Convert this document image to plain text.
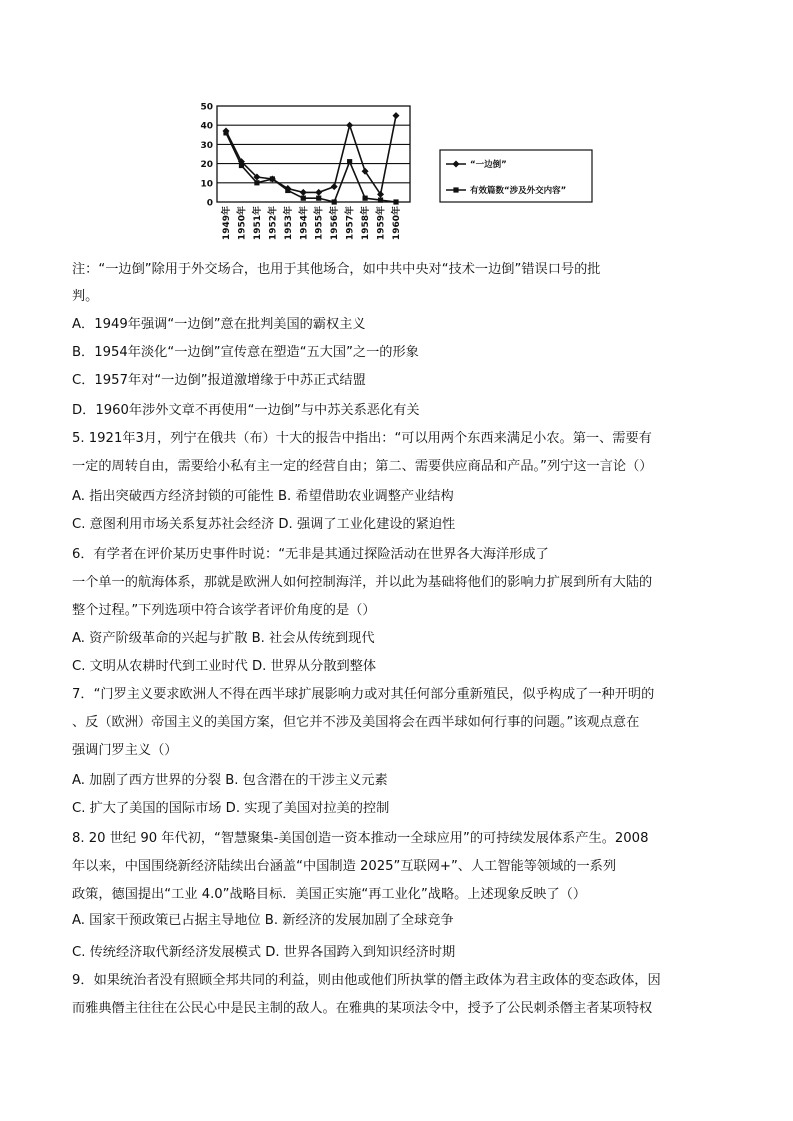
0
10
20
30
40
50
1949年 1950年 1951年 1952年 1953年 1954年 1955年 1956年 1957年 1958年 1959年 1960年
“一边倒”
有效篇数“涉及外交内容”
注：“一边倒”除用于外交场合，也用于其他场合，如中共中央对“技术一边倒”错误口号的批
判。
A．1949年强调“一边倒”意在批判美国的霸权主义
B．1954年淡化“一边倒”宣传意在塑造“五大国”之一的形象
C．1957年对“一边倒”报道激增缘于中苏正式结盟
D．1960年涉外文章不再使用“一边倒”与中苏关系恶化有关
5. 1921年3月，列宁在俄共（布）十大的报告中指出：“可以用两个东西来满足小农。第一、需要有
一定的周转自由，需要给小私有主一定的经营自由；第二、需要供应商品和产品。”列宁这一言论（）
A. 指出突破西方经济封锁的可能性 B. 希望借助农业调整产业结构
C. 意图利用市场关系复苏社会经济 D. 强调了工业化建设的紧迫性
6．有学者在评价某历史事件时说：“无非是其通过探险活动在世界各大海洋形成了
一个单一的航海体系，那就是欧洲人如何控制海洋，并以此为基础将他们的影响力扩展到所有大陆的
整个过程。”下列选项中符合该学者评价角度的是（）
A. 资产阶级革命的兴起与扩散 B. 社会从传统到现代
C. 文明从农耕时代到工业时代 D. 世界从分散到整体
7．“门罗主义要求欧洲人不得在西半球扩展影响力或对其任何部分重新殖民，似乎构成了一种开明的
、反（欧洲）帝国主义的美国方案，但它并不涉及美国将会在西半球如何行事的问题。”该观点意在
强调门罗主义（）
A. 加剧了西方世界的分裂 B. 包含潜在的干涉主义元素
C. 扩大了美国的国际市场 D. 实现了美国对拉美的控制
8. 20 世纪 90 年代初，“智慧聚集-美国创造一资本推动一全球应用”的可持续发展体系产生。2008
年以来，中国围绕新经济陆续出台涵盖“中国制造 2025”互联网+”、人工智能等领域的一系列
政策，德国提出“工业 4.0”战略目标．美国正实施“再工业化”战略。上述现象反映了（）
A. 国家干预政策已占据主导地位 B. 新经济的发展加剧了全球竞争
C. 传统经济取代新经济发展模式 D. 世界各国跨入到知识经济时期
9．如果统治者没有照顾全邦共同的利益，则由他或他们所执掌的僭主政体为君主政体的变态政体，因
而雅典僭主往往在公民心中是民主制的敌人。在雅典的某项法令中，授予了公民刺杀僭主者某项特权
